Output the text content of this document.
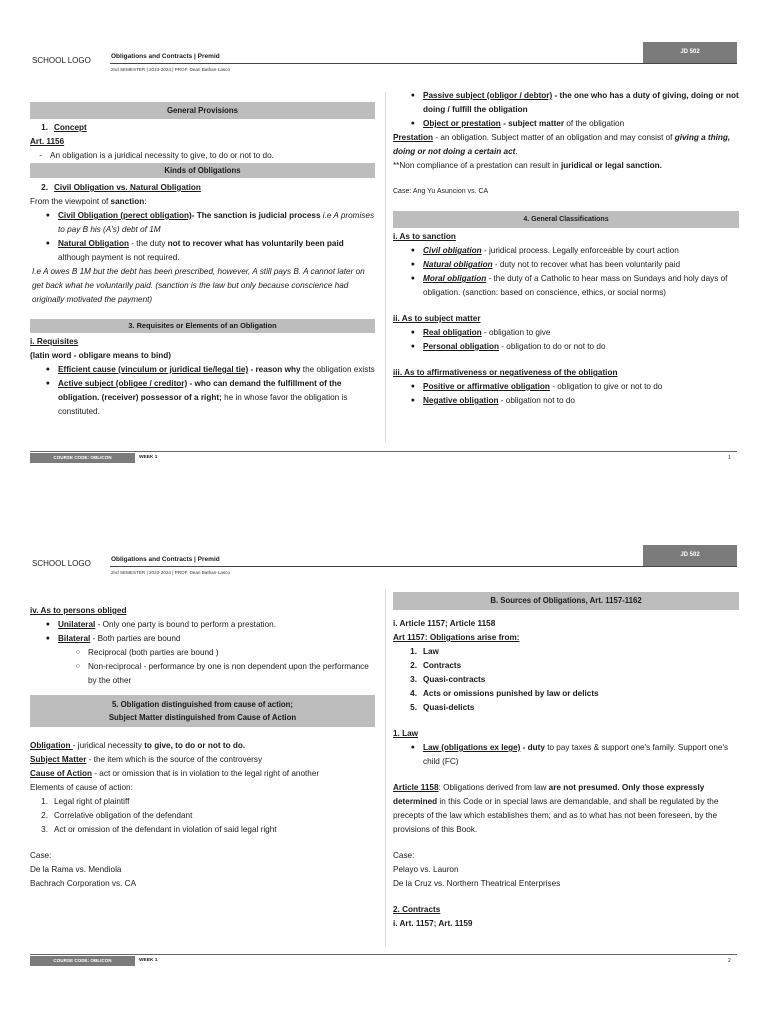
SCHOOL LOGO	Obligations and Contracts | Premid
2nd SEMESTER | 2023-2024 | PROF. Dean Bathan-Lasco
JD 502
General Provisions
1. Concept
Art. 1156
- An obligation is a juridical necessity to give, to do or not to do.
Kinds of Obligations
2. Civil Obligation vs. Natural Obligation
From the viewpoint of sanction:
● Civil Obligation (perect obligation)- The sanction is judicial process i.e A promises to pay B his (A's) debt of 1M
● Natural Obligation - the duty not to recover what has voluntarily been paid although payment is not required.
I.e A owes B 1M but the debt has been prescribed, however, A still pays B. A cannot later on get back what he voluntarily paid. (sanction is the law but only because conscience had originally motivated the payment)
3. Requisites or Elements of an Obligation
i. Requisites
(latin word - obligare means to bind)
● Efficient cause (vinculum or juridical tie/legal tie) - reason why the obligation exists
● Active subject (obligee / creditor) - who can demand the fulfillment of the obligation. (receiver) possessor of a right; he in whose favor the obligation is constituted.
● Passive subject (obligor / debtor) - the one who has a duty of giving, doing or not doing / fulfill the obligation
● Object or prestation - subject matter of the obligation
Prestation - an obligation. Subject matter of an obligation and may consist of giving a thing, doing or not doing a certain act.
**Non compliance of a prestation can result in juridical or legal sanction.
Case: Ang Yu Asuncion vs. CA
4. General Classifications
i. As to sanction
● Civil obligation - juridical process. Legally enforceable by court action
● Natural obligation - duty not to recover what has been voluntarily paid
● Moral obligation - the duty of a Catholic to hear mass on Sundays and holy days of obligation. (sanction: based on conscience, ethics, or social norms)
ii. As to subject matter
● Real obligation - obligation to give
● Personal obligation - obligation to do or not to do
iii. As to affirmativeness or negativeness of the obligation
● Positive or affirmative obligation - obligation to give or not to do
● Negative obligation - obligation not to do
COURSE CODE: OBLICON	WEEK 1	1
SCHOOL LOGO	Obligations and Contracts | Premid
2nd SEMESTER | 2023-2024 | PROF. Dean Bathan-Lasco
JD 502
iv. As to persons obliged
● Unilateral - Only one party is bound to perform a prestation.
● Bilateral - Both parties are bound
○ Reciprocal (both parties are bound )
○ Non-reciprocal - performance by one is non dependent upon the performance by the other
5. Obligation distinguished from cause of action;
Subject Matter distinguished from Cause of Action
Obligation - juridical necessity to give, to do or not to do.
Subject Matter - the item which is the source of the controversy
Cause of Action - act or omission that is in violation to the legal right of another
Elements of cause of action:
1. Legal right of plaintiff
2. Correlative obligation of the defendant
3. Act or omission of the defendant in violation of said legal right
Case:
De la Rama vs. Mendiola
Bachrach Corporation vs. CA
B. Sources of Obligations, Art. 1157-1162
i. Article 1157; Article 1158
Art 1157: Obligations arise from:
1. Law
2. Contracts
3. Quasi-contracts
4. Acts or omissions punished by law or delicts
5. Quasi-delicts
1. Law
● Law (obligations ex lege) - duty to pay taxes & support one's family. Support one's child (FC)
Article 1158: Obligations derived from law are not presumed. Only those expressly determined in this Code or in special laws are demandable, and shall be regulated by the precepts of the law which establishes them; and as to what has not been foreseen, by the provisions of this Book.
Case:
Pelayo vs. Lauron
De la Cruz vs. Northern Theatrical Enterprises
2. Contracts
i. Art. 1157; Art. 1159
COURSE CODE: OBLICON	WEEK 1	2
